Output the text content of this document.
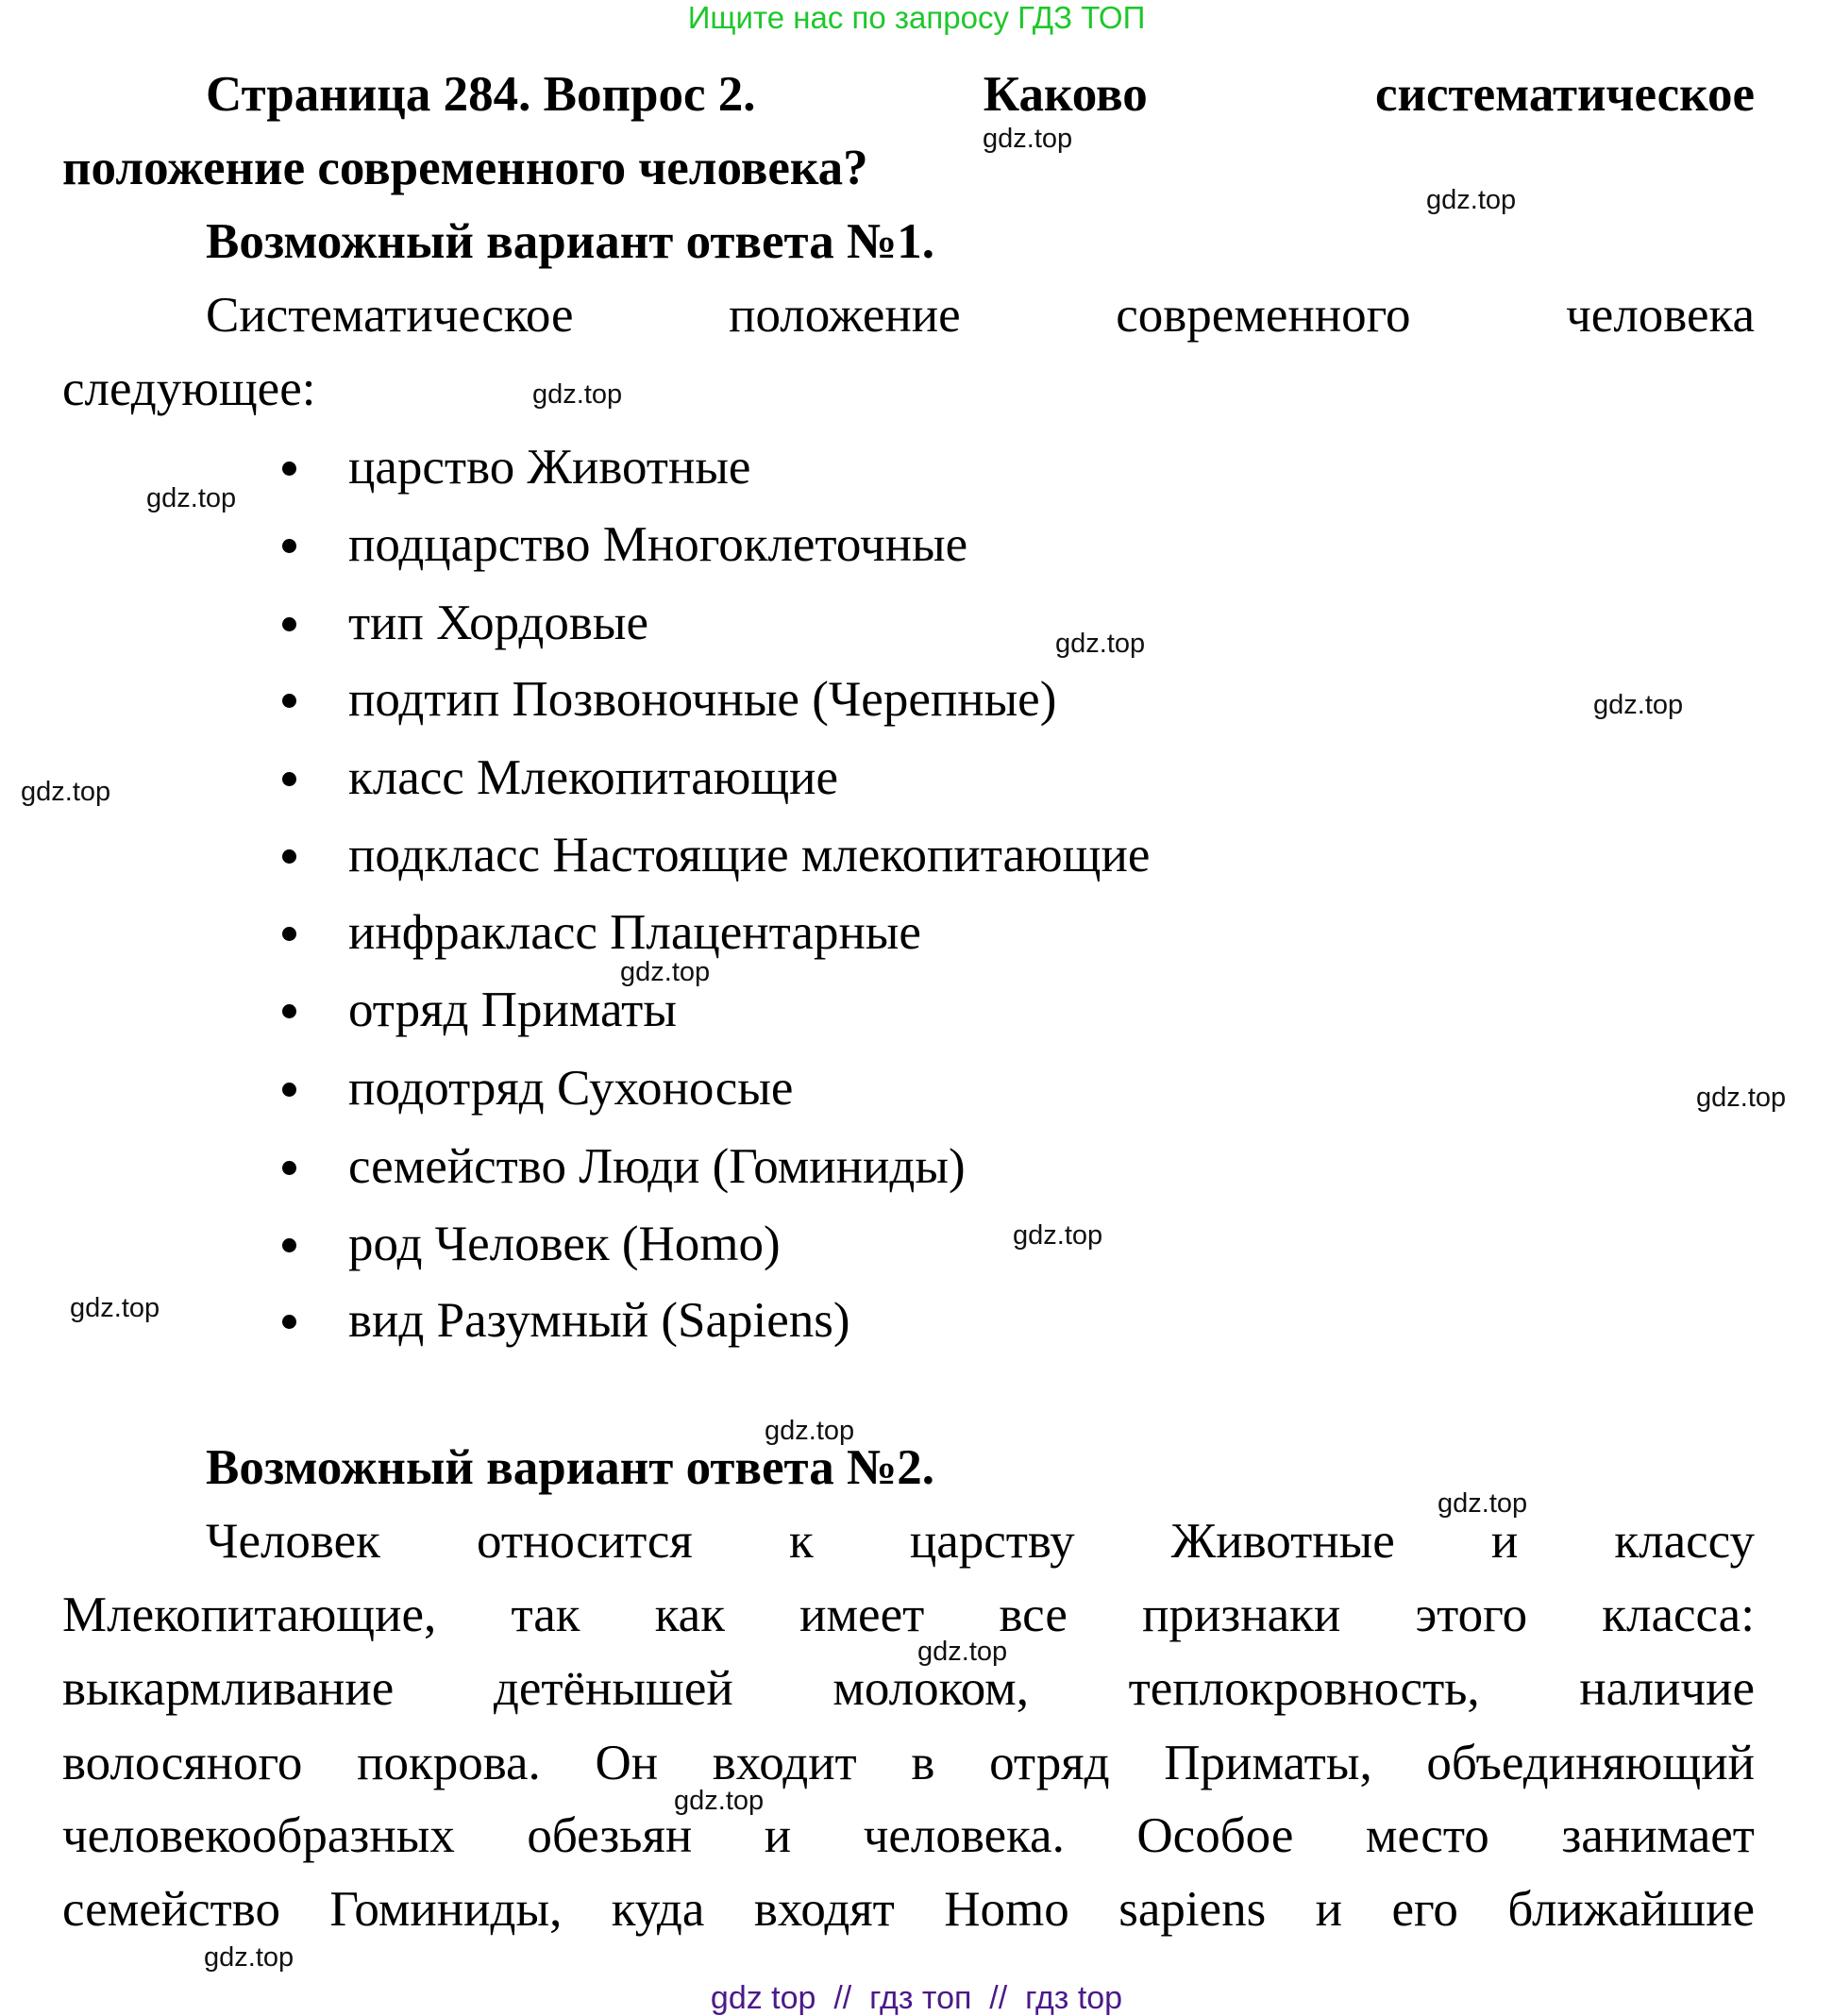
Ищите нас по запросу ГДЗ ТОП
Страница 284. Вопрос 2.	Каково	систематическое
положение современного человека?
Возможный вариант ответа №1.
Систематическое	положение	современного	человека
следующее:
царство Животные
подцарство Многоклеточные
тип Хордовые
подтип Позвоночные (Черепные)
класс Млекопитающие
подкласс Настоящие млекопитающие
инфракласс Плацентарные
отряд Приматы
подотряд Сухоносые
семейство Люди (Гоминиды)
род Человек (Homo)
вид Разумный (Sapiens)
Возможный вариант ответа №2.
Человек относится к царству Животные и классу
Млекопитающие, так как имеет все признаки этого класса:
выкармливание детёнышей молоком, теплокровность, наличие
волосяного покрова. Он входит в отряд Приматы, объединяющий
человекообразных обезьян и человека. Особое место занимает
семейство Гоминиды, куда входят Homo sapiens и его ближайшие
gdz.top
gdz.top
gdz.top
gdz.top
gdz.top
gdz.top
gdz.top
gdz.top
gdz.top
gdz.top
gdz.top
gdz.top
gdz.top
gdz.top
gdz.top
gdz.top
gdz top  //  гдз топ  //  гдз top
